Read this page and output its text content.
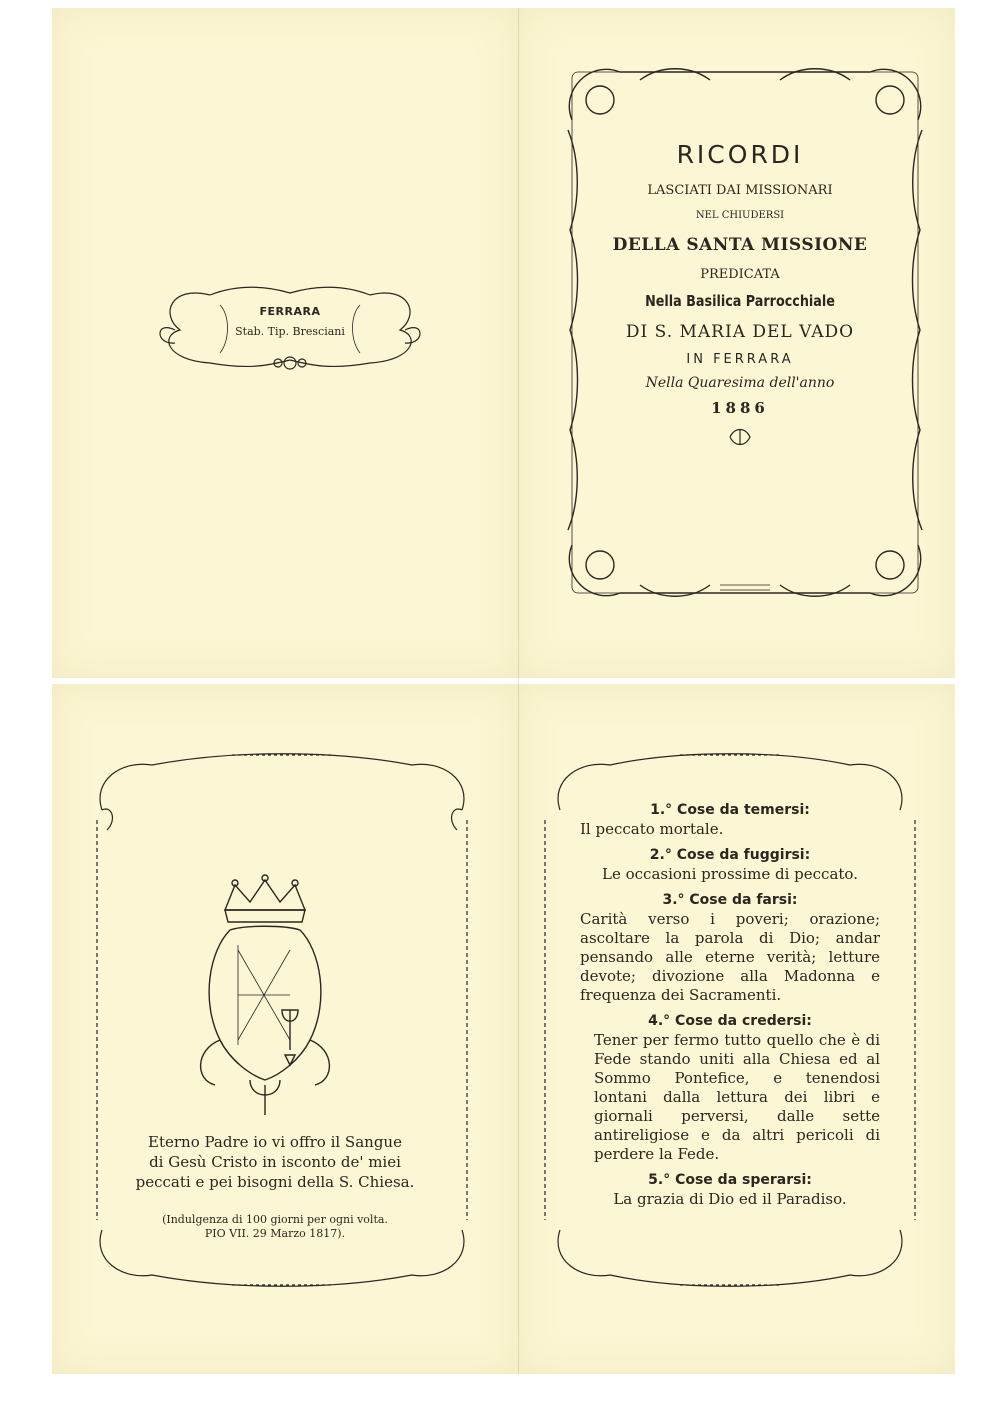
FERRARA
Stab. Tip. Bresciani
RICORDI
LASCIATI DAI MISSIONARI
NEL CHIUDERSI
DELLA SANTA MISSIONE
PREDICATA
Nella Basilica Parrocchiale
DI S. MARIA DEL VADO
IN FERRARA
Nella Quaresima dell'anno
1886
Eterno Padre io vi offro il Sangue
di Gesù Cristo in isconto de' miei
peccati e pei bisogni della S. Chiesa.
(Indulgenza di 100 giorni per ogni volta.
PIO VII. 29 Marzo 1817).
1.° Cose da temersi:
Il peccato mortale.
2.° Cose da fuggirsi:
Le occasioni prossime di peccato.
3.° Cose da farsi:
Carità verso i poveri; orazione; ascoltare la parola di Dio; andar pensando alle eterne verità; letture devote; divozione alla Madonna e frequenza dei Sacramenti.
4.° Cose da credersi:
Tener per fermo tutto quello che è di Fede stando uniti alla Chiesa ed al Sommo Pontefice, e tenendosi lontani dalla lettura dei libri e giornali perversi, dalle sette antireligiose e da altri pericoli di perdere la Fede.
5.° Cose da sperarsi:
La grazia di Dio ed il Paradiso.
